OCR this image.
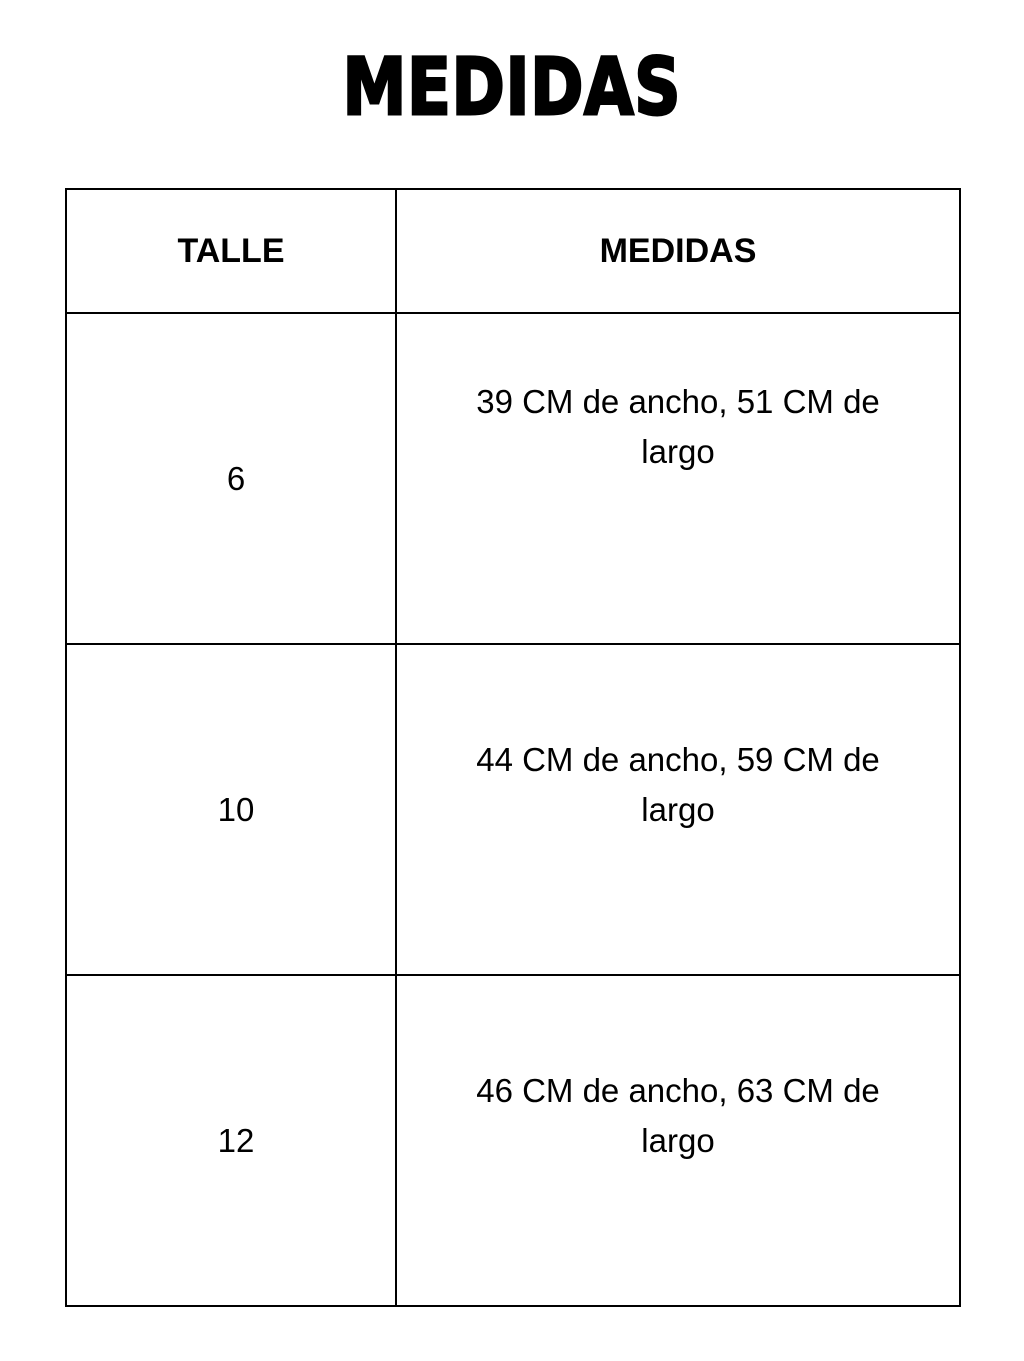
MEDIDAS
TALLE	MEDIDAS
6	39 CM de ancho, 51 CM de largo

10	44 CM de ancho, 59 CM de largo

12	46 CM de ancho, 63 CM de largo
